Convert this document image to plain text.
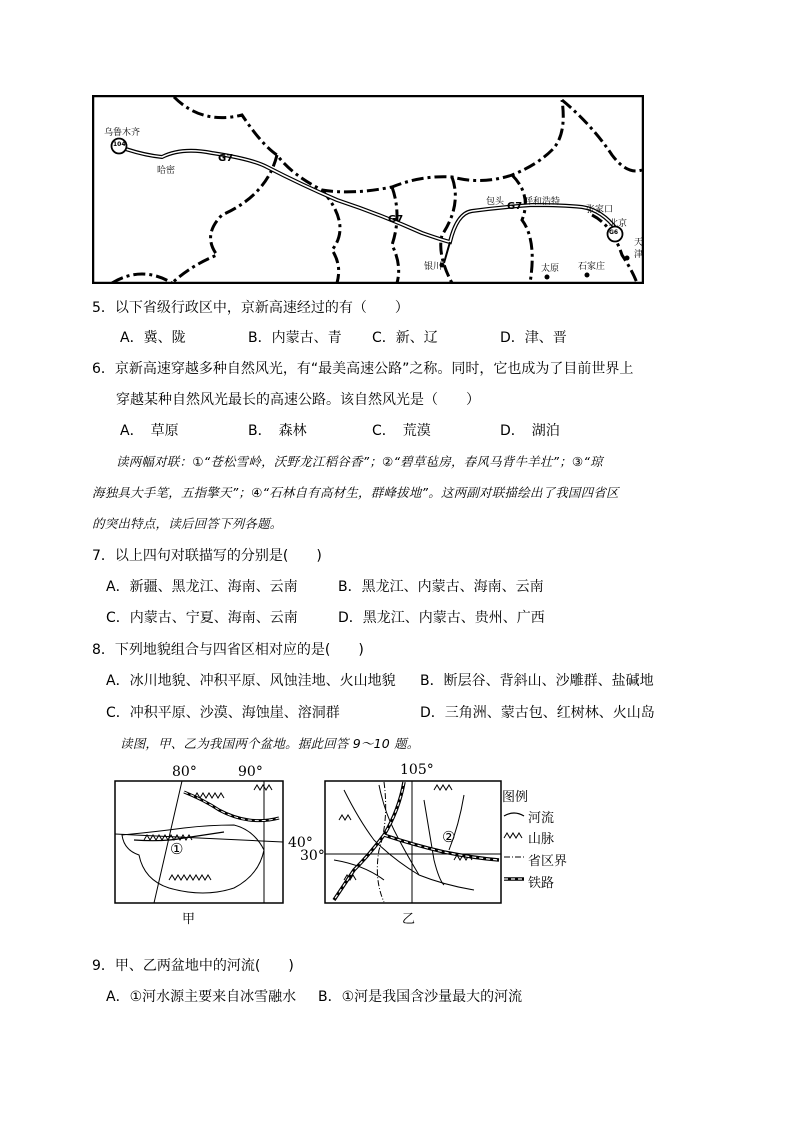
乌鲁木齐
104
哈密
G7
G7
G7
包头 呼和浩特
张家口
北京
G6
银川	太原 石家庄
天
津
5．以下省级行政区中，京新高速经过的有（　　）
A．冀、陇	B．内蒙古、青 C．新、辽	D．津、晋
6．京新高速穿越多种自然风光，有“最美高速公路”之称。同时，它也成为了目前世界上
穿越某种自然风光最长的高速公路。该自然风光是（　　）
A．　草原	B．　森林	C．　荒漠	D．　湖泊
读两幅对联：①“苍松雪岭，沃野龙江稻谷香”；②“碧草毡房，春风马背牛羊壮”；③“琼
海独具大手笔，五指擎天”；④“石林自有高材生，群峰拔地”。这两副对联描绘出了我国四省区
的突出特点，读后回答下列各题。
7．以上四句对联描写的分别是(　　)
A．新疆、黑龙江、海南、云南	B．黑龙江、内蒙古、海南、云南
C．内蒙古、宁夏、海南、云南	D．黑龙江、内蒙古、贵州、广西
8．下列地貌组合与四省区相对应的是(　　)
A．冰川地貌、冲积平原、风蚀洼地、火山地貌 B．断层谷、背斜山、沙雕群、盐碱地
C．冲积平原、沙漠、海蚀崖、溶洞群	D．三角洲、蒙古包、红树林、火山岛
读图，甲、乙为我国两个盆地。据此回答 9～10 题。
80°	90°	105°
40°
30°
①
②
甲	乙
图例
河流
山脉
省区界
铁路
9．甲、乙两盆地中的河流(　　)
A．①河水源主要来自冰雪融水 B．①河是我国含沙量最大的河流
